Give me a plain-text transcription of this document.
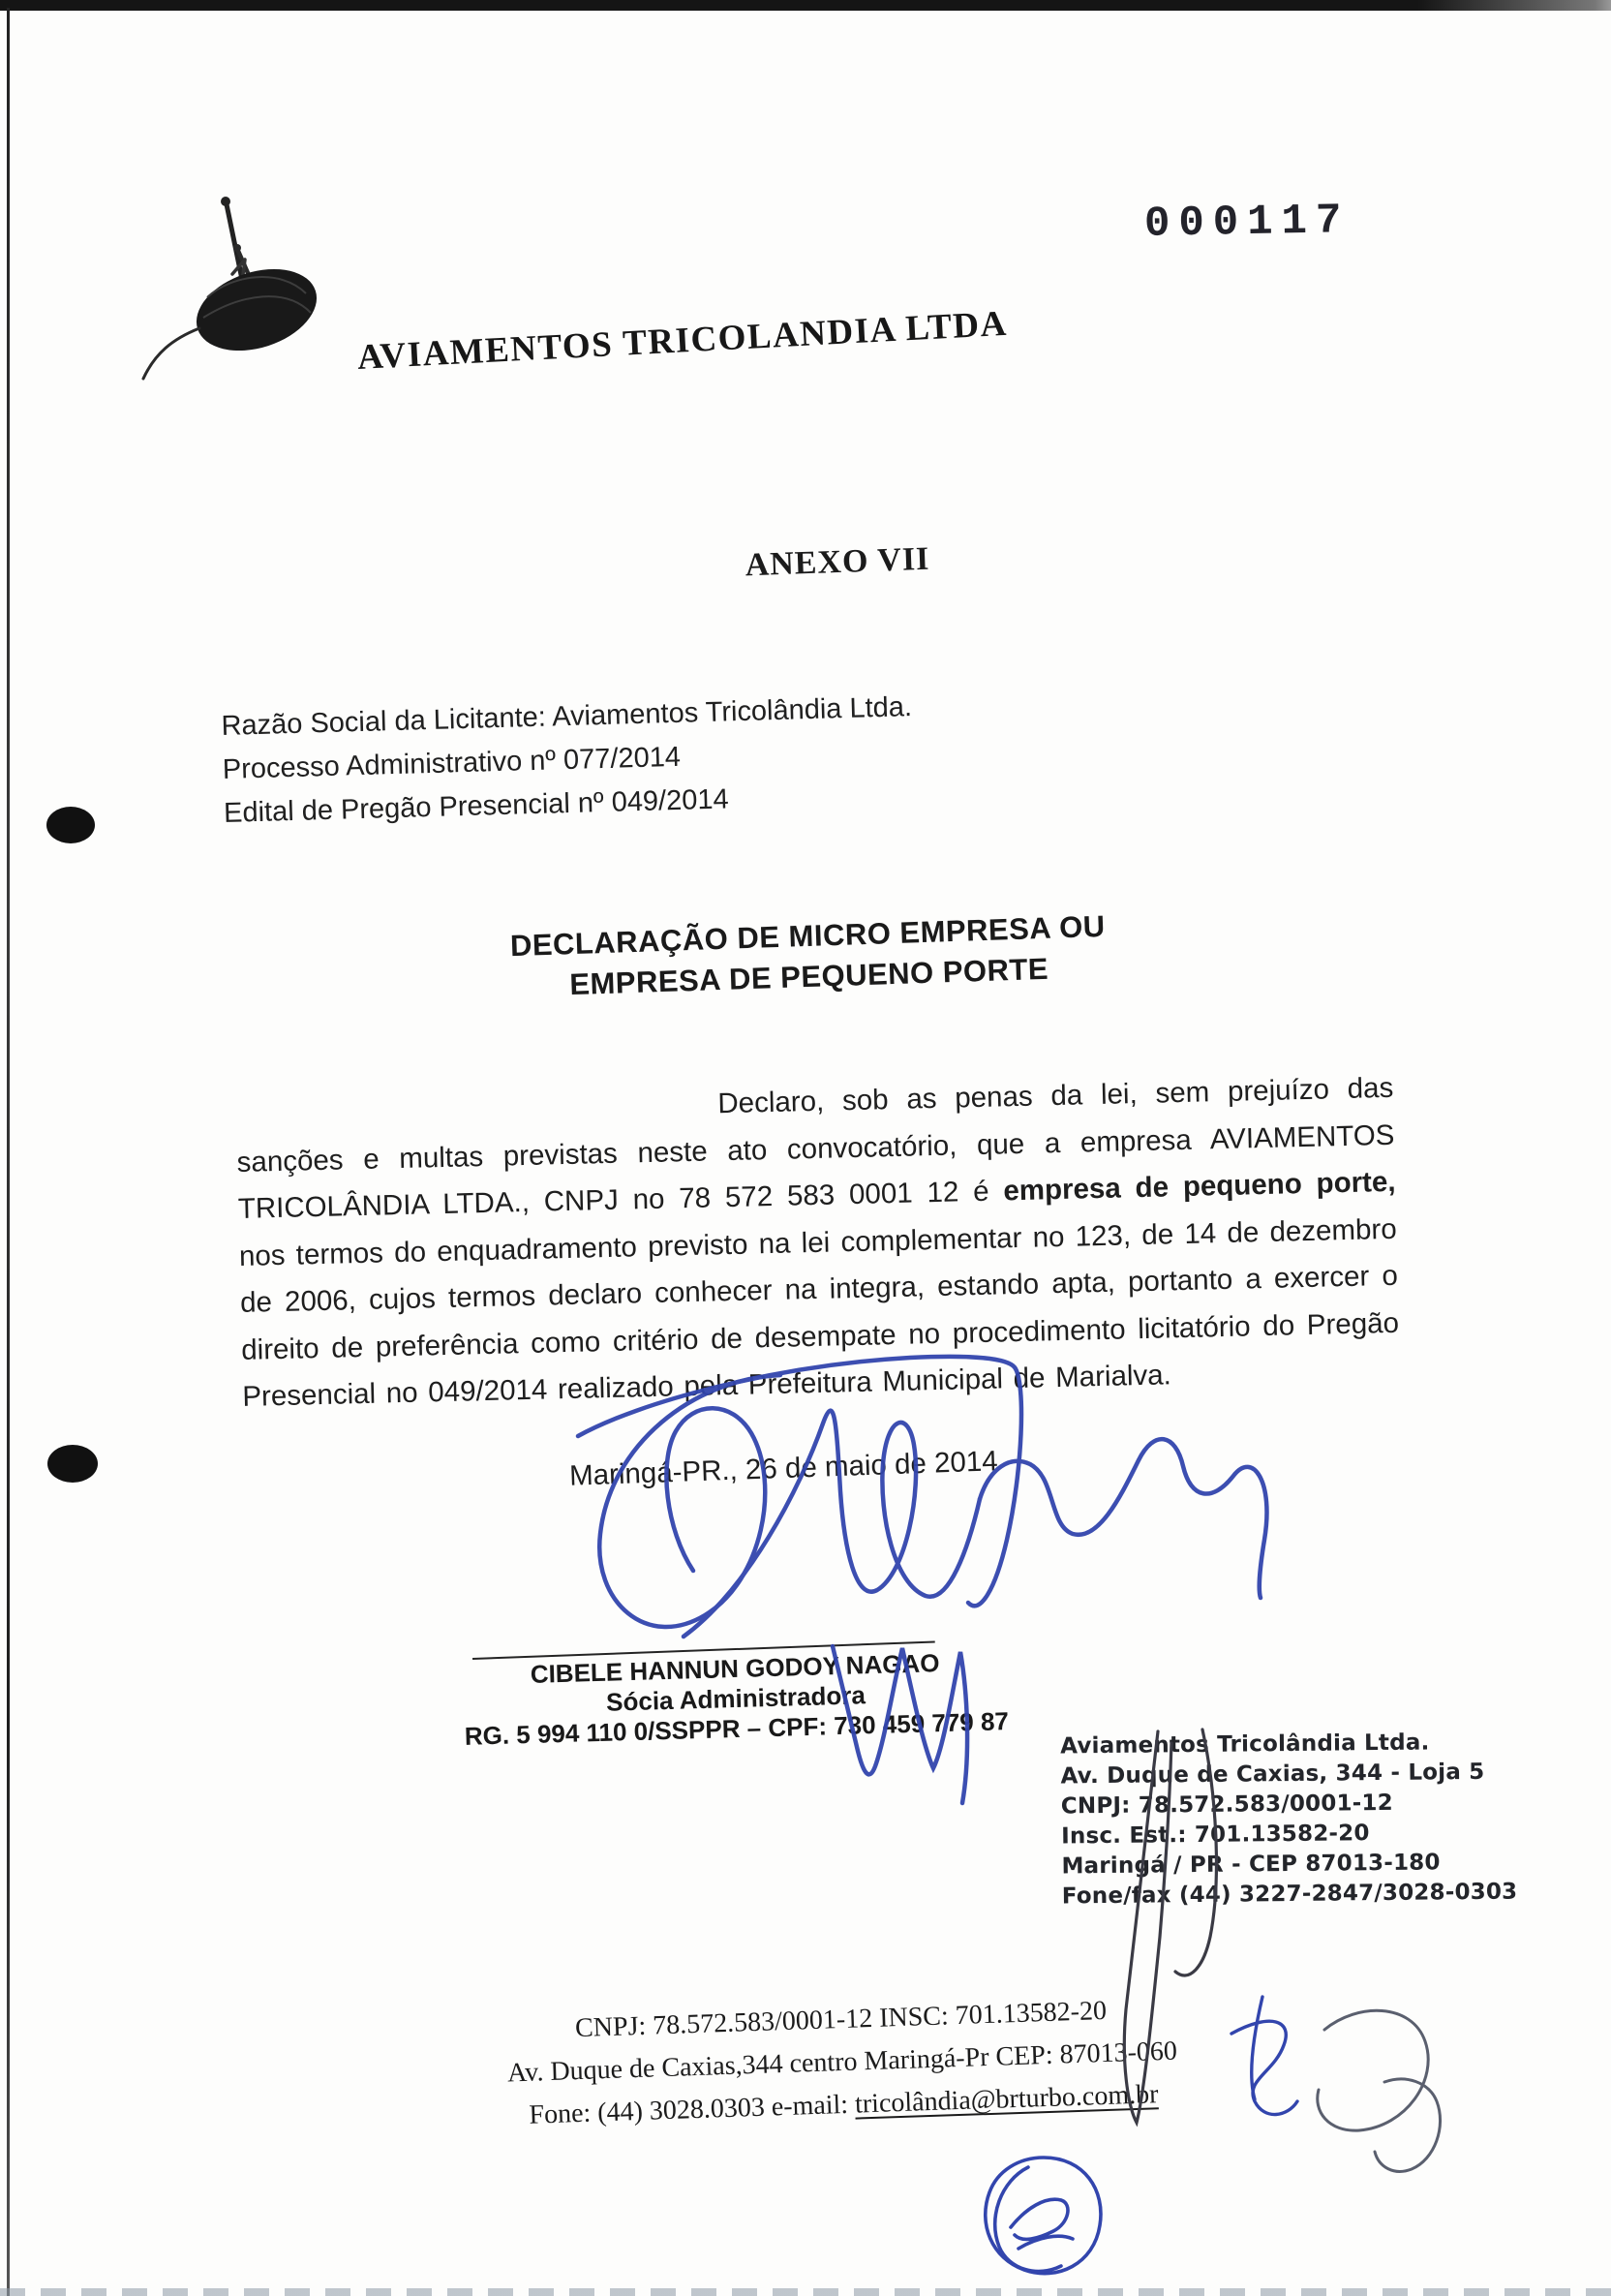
000117
AVIAMENTOS TRICOLANDIA LTDA
ANEXO VII
Razão Social da Licitante: Aviamentos Tricolândia Ltda.
Processo Administrativo nº 077/2014
Edital de Pregão Presencial nº 049/2014
DECLARAÇÃO DE MICRO EMPRESA OU
EMPRESA DE PEQUENO PORTE
Declaro, sob as penas da lei, sem prejuízo das sanções e multas previstas neste ato convocatório, que a empresa AVIAMENTOS TRICOLÂNDIA LTDA., CNPJ no 78 572 583 0001 12 é empresa de pequeno porte, nos termos do enquadramento previsto na lei complementar no 123, de 14 de dezembro de 2006, cujos termos declaro conhecer na integra, estando apta, portanto a exercer o direito de preferência como critério de desempate no procedimento licitatório do Pregão Presencial no 049/2014 realizado pela Prefeitura Municipal de Marialva.
Maringá-PR., 26 de maio de 2014
CIBELE HANNUN GODOY NAGAO
Sócia Administradora
RG. 5 994 110 0/SSPPR – CPF: 730 459 779 87	Aviamentos Tricolândia Ltda.
Av. Duque de Caxias, 344 - Loja 5
CNPJ: 78.572.583/0001-12
Insc. Est.: 701.13582-20
Maringá / PR - CEP 87013-180
Fone/fax (44) 3227-2847/3028-0303
CNPJ: 78.572.583/0001-12 INSC: 701.13582-20
Av. Duque de Caxias,344 centro Maringá-Pr CEP: 87013-060
Fone: (44) 3028.0303 e-mail: tricolândia@brturbo.com.br
